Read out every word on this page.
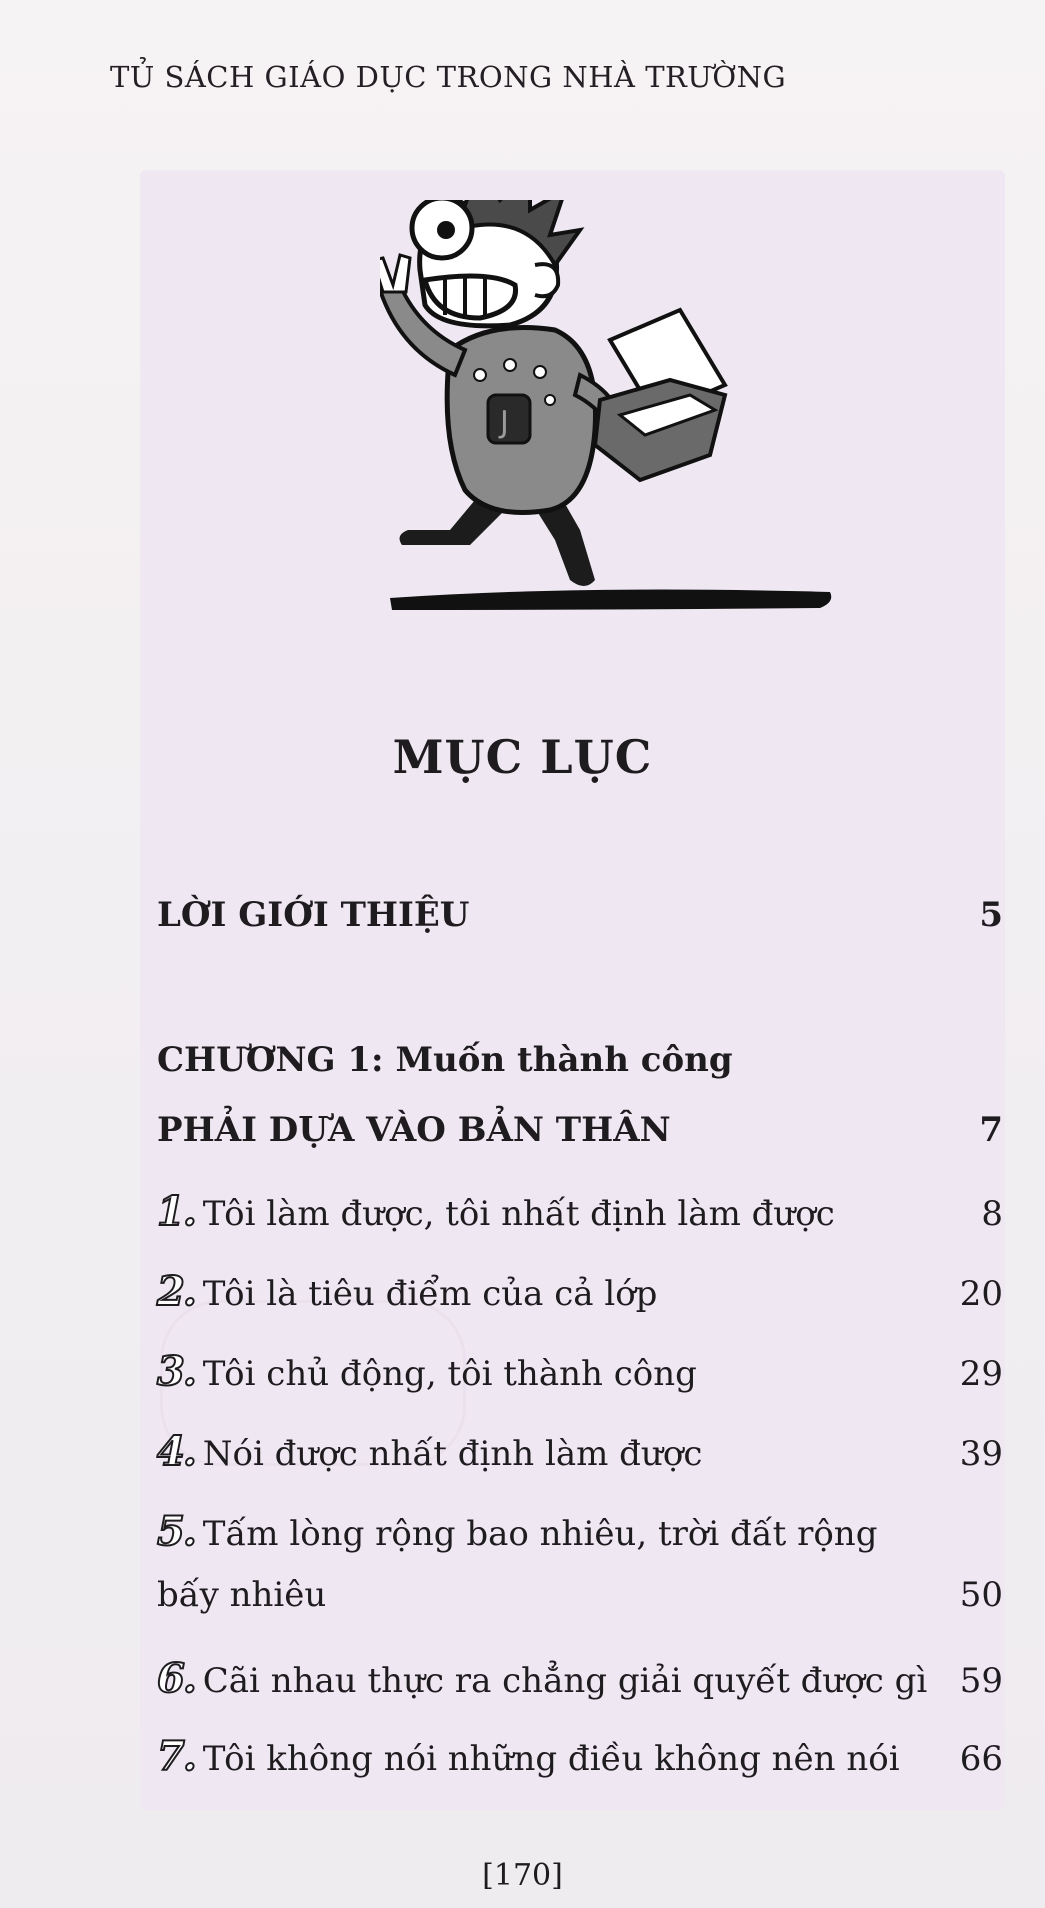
TỦ SÁCH GIÁO DỤC TRONG NHÀ TRƯỜNG
J
MỤC LỤC
LỜI GIỚI THIỆU	5
CHƯƠNG 1: Muốn thành công
PHẢI DỰA VÀO BẢN THÂN	7
1. Tôi làm được, tôi nhất định làm được	8
2. Tôi là tiêu điểm của cả lớp	20
3. Tôi chủ động, tôi thành công	29
4. Nói được nhất định làm được	39
5. Tấm lòng rộng bao nhiêu, trời đất rộng
bấy nhiêu	50
6. Cãi nhau thực ra chẳng giải quyết được gì 59
7. Tôi không nói những điều không nên nói	66
[170]
